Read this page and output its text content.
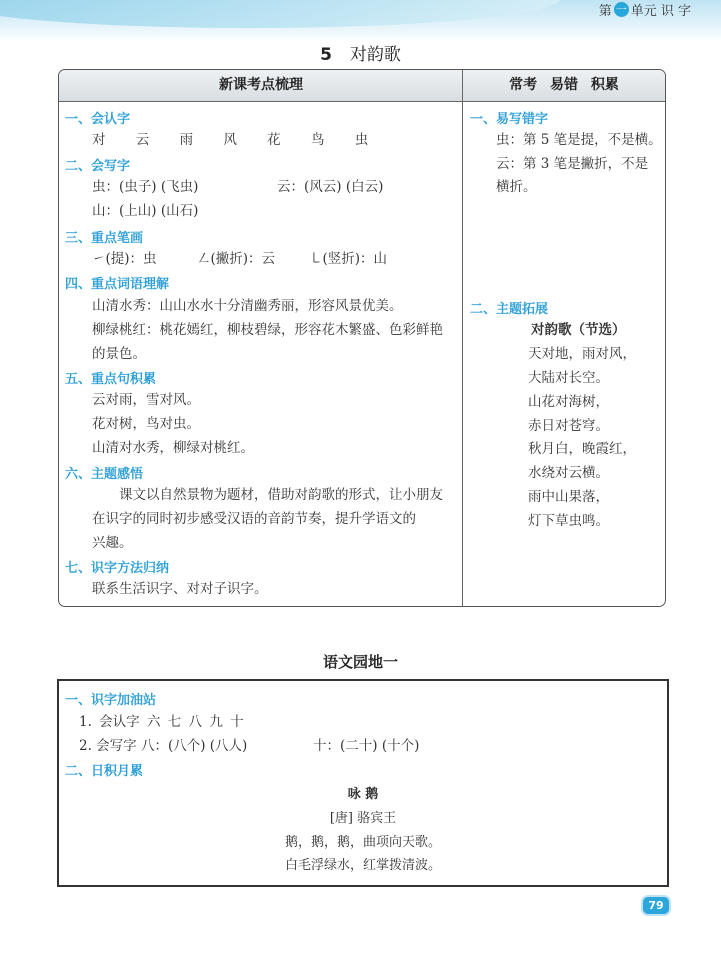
第 一 单元 识 字
5 对韵歌
新课考点梳理	常考 易错 积累
一、会认字
对 云 雨 风 花 鸟 虫
二、会写字
虫：(虫子) (飞虫)	云：(风云) (白云)
山：(上山) (山石)
三、重点笔画
㇀(提)：虫	㇜(撇折)：云	㇄(竖折)：山
四、重点词语理解
山清水秀：山山水水十分清幽秀丽，形容风景优美。
柳绿桃红：桃花嫣红，柳枝碧绿，形容花木繁盛、色彩鲜艳
的景色。
五、重点句积累
云对雨，雪对风。
花对树，鸟对虫。
山清对水秀，柳绿对桃红。
六、主题感悟
课文以自然景物为题材，借助对韵歌的形式，让小朋友
在识字的同时初步感受汉语的音韵节奏，提升学语文的
兴趣。
七、识字方法归纳
联系生活识字、对对子识字。
一、易写错字
虫：第 5 笔是提，不是横。
云：第 3 笔是撇折，不是
横折。
二、主题拓展
对韵歌（节选）
天对地，雨对风，
大陆对长空。
山花对海树，
赤日对苍穹。
秋月白，晚霞红，
水绕对云横。
雨中山果落，
灯下草虫鸣。
语文园地一
一、识字加油站
1. 会认字 六 七 八 九 十
2. 会写字 八：(八个) (八人)	十：(二十) (十个)
二、日积月累
咏 鹅
[唐] 骆宾王
鹅，鹅，鹅，曲项向天歌。
白毛浮绿水，红掌拨清波。
79
